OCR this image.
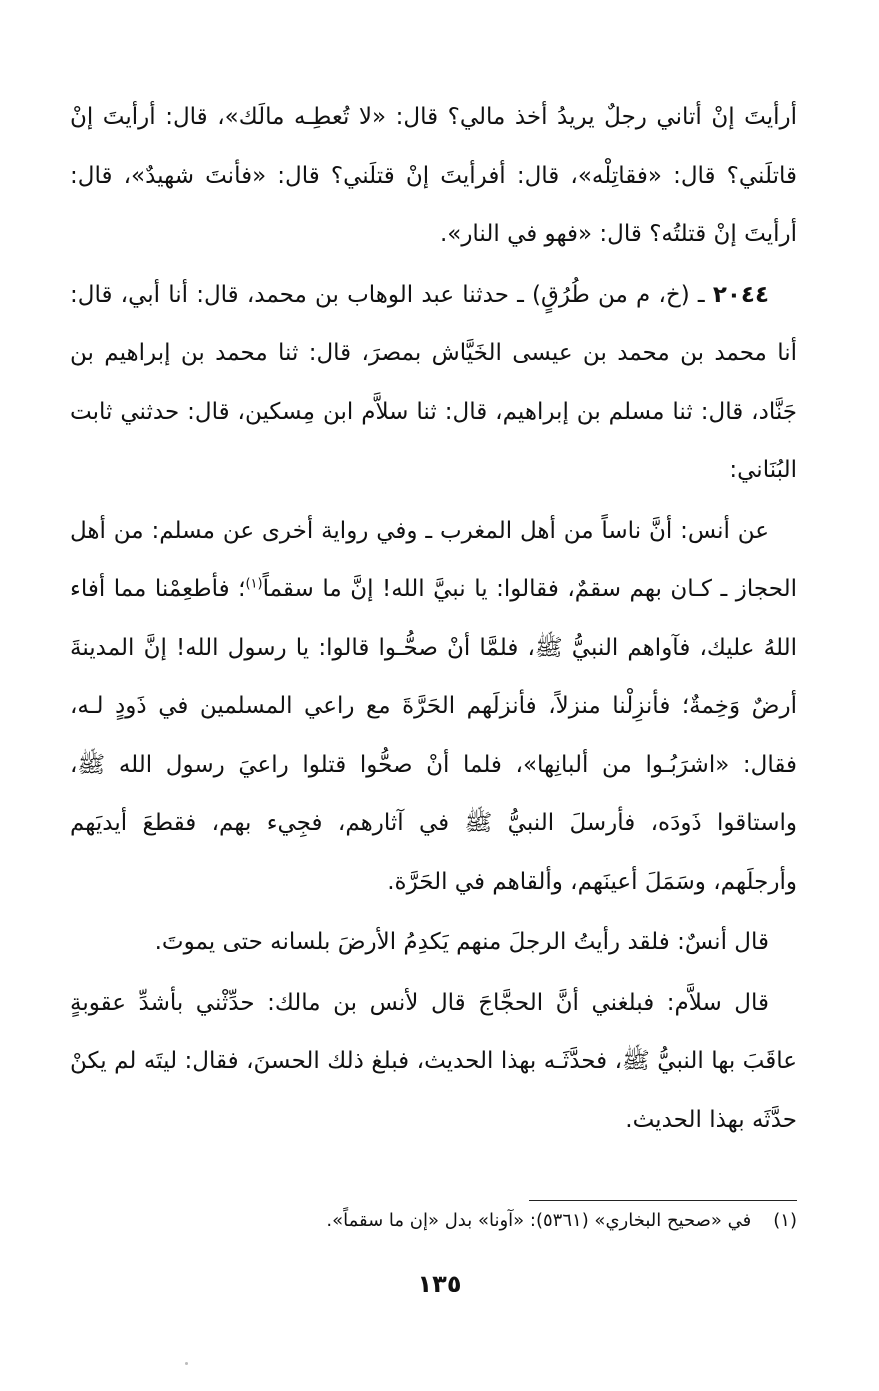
أرأيتَ إنْ أتاني رجلٌ يريدُ أخذ مالي؟ قال: «لا تُعطِـه مالَك»، قال: أرأيتَ إنْ قاتلَني؟ قال: «فقاتِلْه»، قال: أفرأيتَ إنْ قتلَني؟ قال: «فأنتَ شهيدٌ»، قال: أرأيتَ إنْ قتلتُه؟ قال: «فهو في النار».

٢٠٤٤ ـ (خ، م من طُرُقٍ) ـ حدثنا عبد الوهاب بن محمد، قال: أنا أبي، قال: أنا محمد بن محمد بن عيسى الخَيَّاش بمصرَ، قال: ثنا محمد بن إبراهيم بن جَنَّاد، قال: ثنا مسلم بن إبراهيم، قال: ثنا سلاَّم ابن مِسكين، قال: حدثني ثابت البُنَاني:

عن أنس: أنَّ ناساً من أهل المغرب ـ وفي رواية أخرى عن مسلم: من أهل الحجاز ـ كـان بهم سقمٌ، فقالوا: يا نبيَّ الله! إنَّ ما سقماً$^{(١)}$؛ فأطعِمْنا مما أفاء اللهُ عليك، فآواهم النبيُّ ﷺ، فلمَّا أنْ صحُّـوا قالوا: يا رسول الله! إنَّ المدينةَ أرضٌ وَخِمةٌ؛ فأنزِلْنا منزلاً، فأنزلَهم الحَرَّةَ مع راعي المسلمين في ذَودٍ لـه، فقال: «اشرَبُـوا من ألبانِها»، فلما أنْ صحُّوا قتلوا راعيَ رسول الله ﷺ، واستاقوا ذَودَه، فأرسلَ النبيُّ ﷺ في آثارهم، فجِيء بهم، فقطعَ أيديَهم وأرجلَهم، وسَمَلَ أعينَهم، وألقاهم في الحَرَّة.

قال أنسٌ: فلقد رأيتُ الرجلَ منهم يَكدِمُ الأرضَ بلسانه حتى يموتَ.

قال سلاَّم: فبلغني أنَّ الحجَّاجَ قال لأنس بن مالك: حدِّثْني بأشدِّ عقوبةٍ عاقَبَ بها النبيُّ ﷺ، فحدَّثَـه بهذا الحديث، فبلغ ذلك الحسنَ، فقال: ليتَه لم يكنْ حدَّثَه بهذا الحديث.

(١)في «صحيح البخاري» (٥٣٦١): «آونا» بدل «إن ما سقماً».

١٣٥
